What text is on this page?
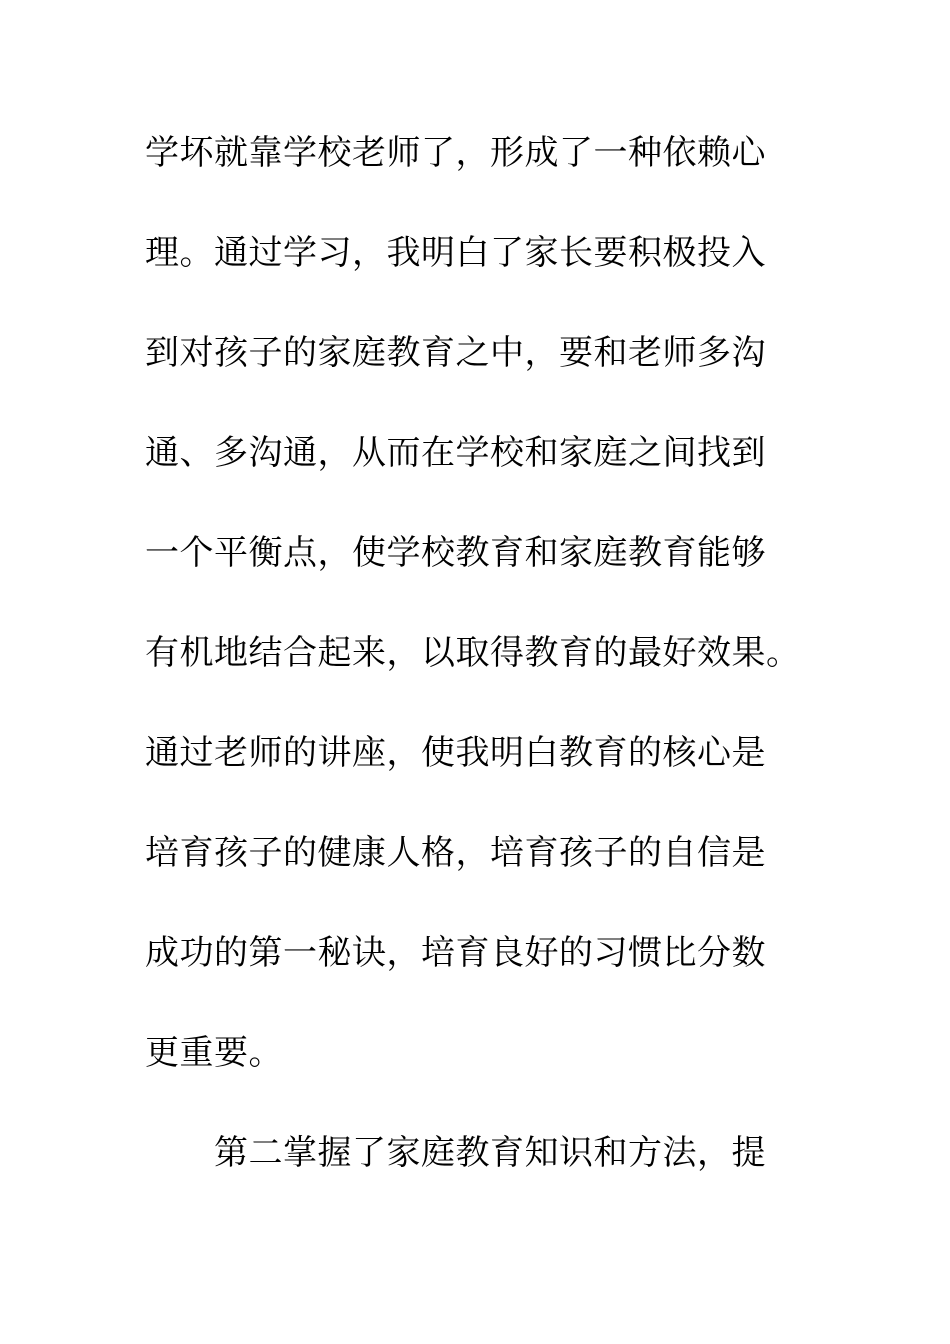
学坏就靠学校老师了，形成了一种依赖心
理。通过学习，我明白了家长要积极投入
到对孩子的家庭教育之中，要和老师多沟
通、多沟通，从而在学校和家庭之间找到
一个平衡点，使学校教育和家庭教育能够
有机地结合起来，以取得教育的最好效果。
通过老师的讲座，使我明白教育的核心是
培育孩子的健康人格，培育孩子的自信是
成功的第一秘诀，培育良好的习惯比分数
更重要。
第二掌握了家庭教育知识和方法，提
